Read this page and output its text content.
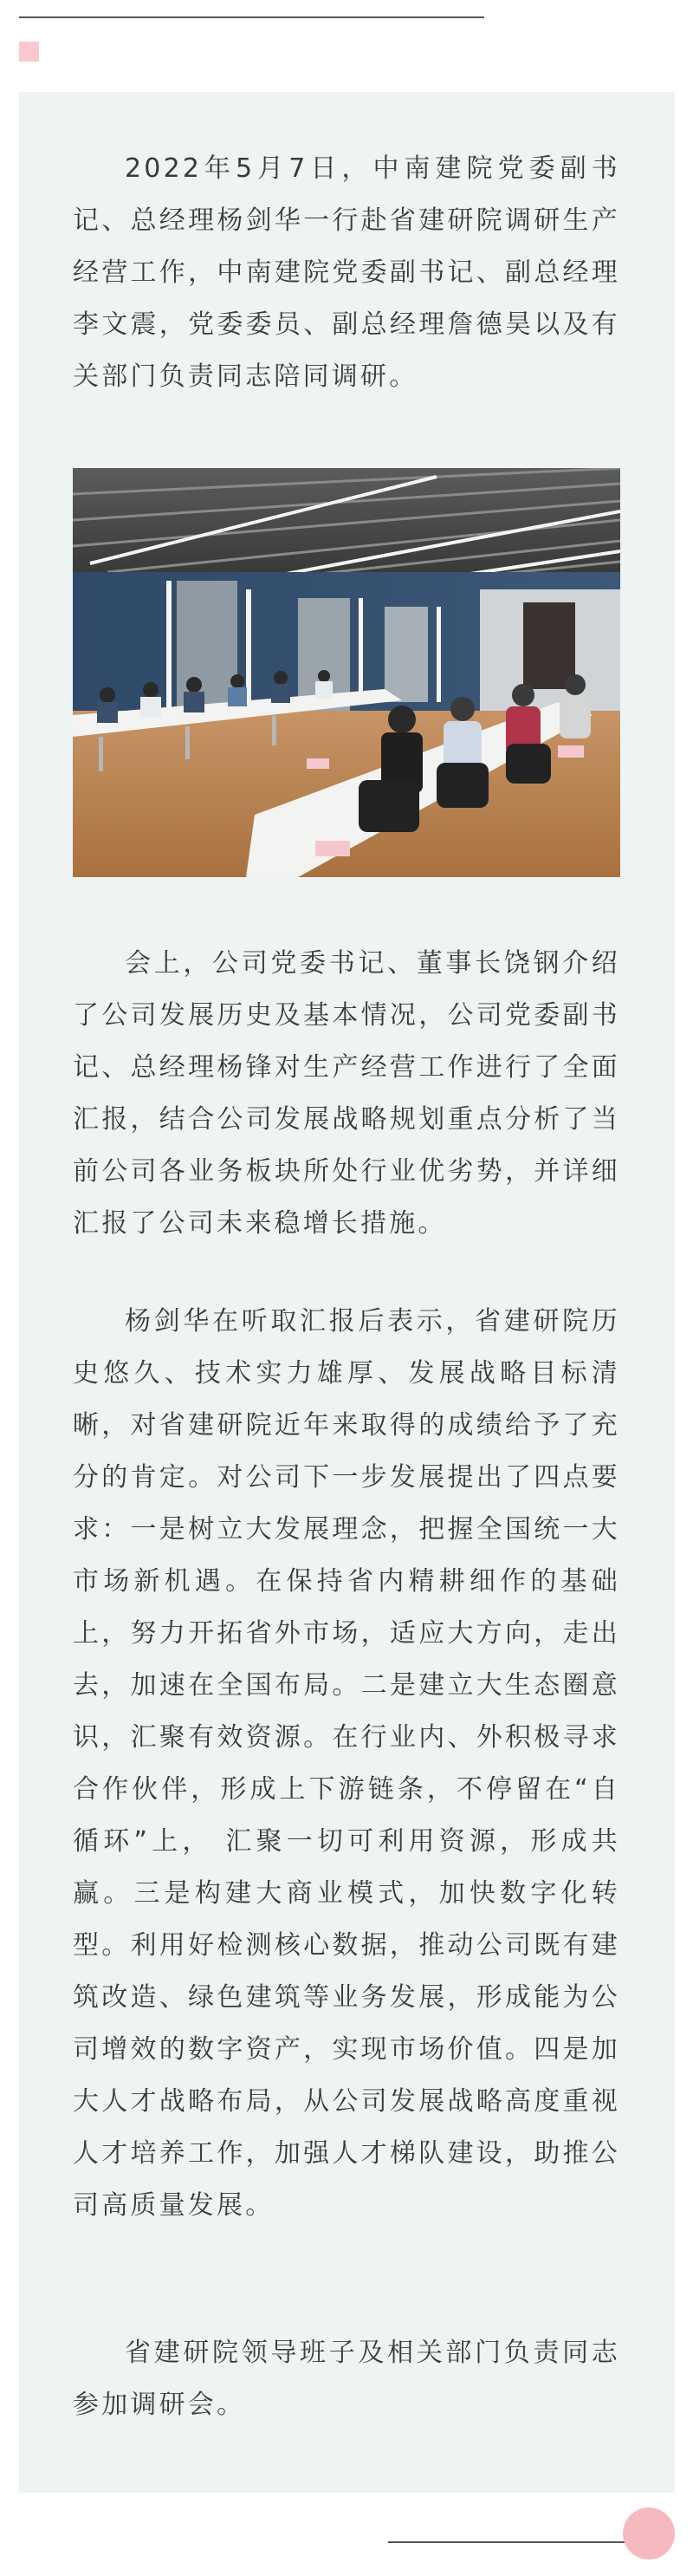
2022年5月7日，中南建院党委副书记、总经理杨剑华一行赴省建研院调研生产经营工作，中南建院党委副书记、副总经理李文震，党委委员、副总经理詹德昊以及有关部门负责同志陪同调研。

会上，公司党委书记、董事长饶钢介绍了公司发展历史及基本情况，公司党委副书记、总经理杨锋对生产经营工作进行了全面汇报，结合公司发展战略规划重点分析了当前公司各业务板块所处行业优劣势，并详细汇报了公司未来稳增长措施。

杨剑华在听取汇报后表示，省建研院历史悠久、技术实力雄厚、发展战略目标清晰，对省建研院近年来取得的成绩给予了充分的肯定。对公司下一步发展提出了四点要求：一是树立大发展理念，把握全国统一大市场新机遇。在保持省内精耕细作的基础上，努力开拓省外市场，适应大方向，走出去，加速在全国布局。二是建立大生态圈意识，汇聚有效资源。在行业内、外积极寻求合作伙伴，形成上下游链条，不停留在“自循环”上， 汇聚一切可利用资源，形成共赢。三是构建大商业模式，加快数字化转型。利用好检测核心数据，推动公司既有建筑改造、绿色建筑等业务发展，形成能为公司增效的数字资产，实现市场价值。四是加大人才战略布局，从公司发展战略高度重视人才培养工作，加强人才梯队建设，助推公司高质量发展。

省建研院领导班子及相关部门负责同志参加调研会。
